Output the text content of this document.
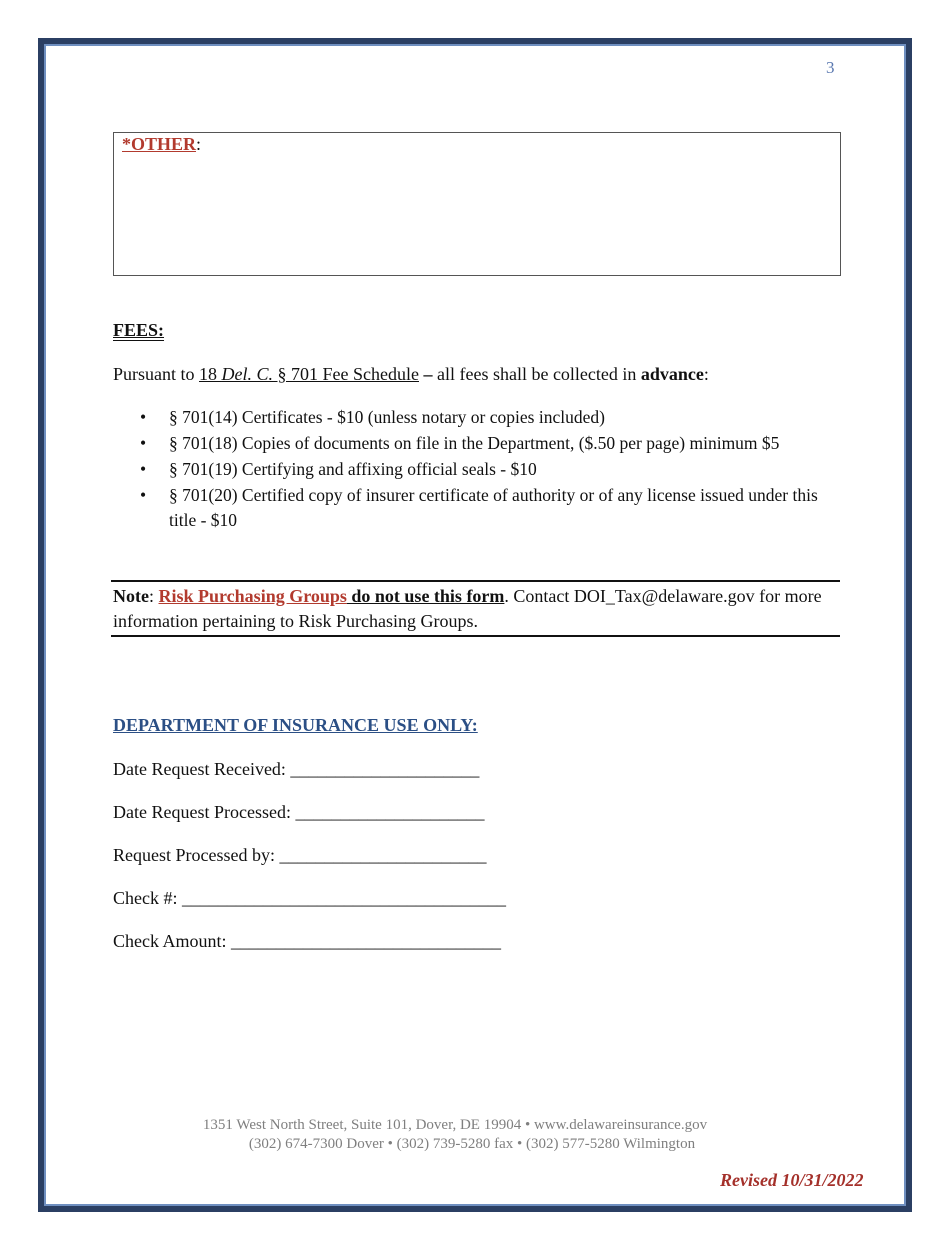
3
*OTHER:
FEES:
Pursuant to 18 Del. C. § 701 Fee Schedule – all fees shall be collected in advance:
• § 701(14) Certificates - $10 (unless notary or copies included)
• § 701(18) Copies of documents on file in the Department, ($.50 per page) minimum $5
• § 701(19) Certifying and affixing official seals - $10
• § 701(20) Certified copy of insurer certificate of authority or of any license issued under this title - $10
Note: Risk Purchasing Groups do not use this form. Contact DOI_Tax@delaware.gov for more information pertaining to Risk Purchasing Groups.
DEPARTMENT OF INSURANCE USE ONLY:
Date Request Received: _____________________
Date Request Processed: _____________________
Request Processed by: _______________________
Check #: ____________________________________
Check Amount: ______________________________
1351 West North Street, Suite 101, Dover, DE 19904 • www.delawareinsurance.gov
(302) 674-7300 Dover • (302) 739-5280 fax • (302) 577-5280 Wilmington
Revised 10/31/2022
